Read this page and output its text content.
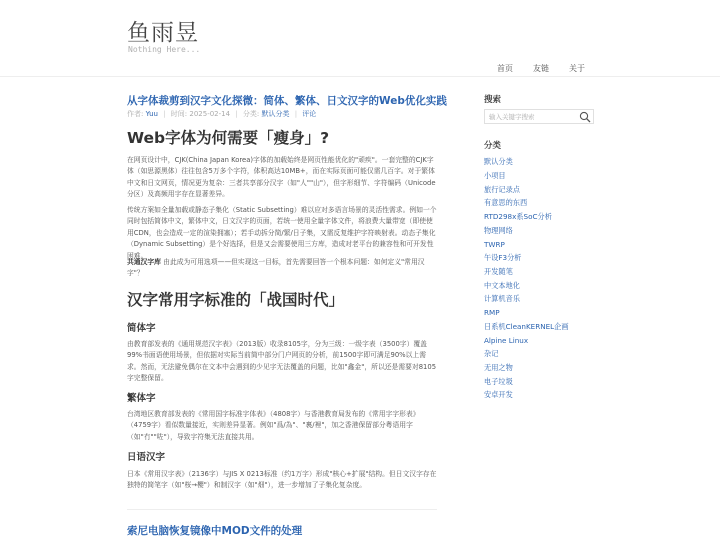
鱼雨昱
Nothing Here...
首页	友链	关于
从字体裁剪到汉字文化探微：简体、繁体、日文汉字的Web优化实践
作者: Yuu | 时间: 2025-02-14 | 分类: 默认分类 | 评论
Web字体为何需要「瘦身」?
在网页设计中，CJK(China Japan Korea)字体的加载始终是网页性能优化的"顽疾"。一套完整的CJK字体（如思源黑体）往往包含5万多个字符，体积高达10MB+，而在实际页面可能仅需几百字。对于繁体中文和日文网页，情况更为复杂：三者共享部分汉字（如"人""山"），但字形细节、字符编码（Unicode分区）及高频用字存在显著差异。
传统方案如全量加载或静态子集化（Static Subsetting）难以应对多语言场景的灵活性需求。例如一个同时包括简体中文，繁体中文，日文汉字的页面，若统一使用全量字体文件，将浪费大量带宽（即使使用CDN，也会造成一定的渲染拥塞）；若手动拆分简/繁/日子集，又需反复维护字符映射表。动态子集化（Dynamic Subsetting）是个好选择，但是又会需要使用三方库，造成对老平台的兼容性和可开发性困难。
共通汉字库 由此成为可用选项——但实现这一目标，首先需要回答一个根本问题：如何定义"常用汉字"？
汉字常用字标准的「战国时代」
简体字
由教育部发表的《通用规范汉字表》（2013版）收录8105字，分为三级：一级字表（3500字）覆盖99%书面语使用场景，但依据对实际当前简中部分门户网页的分析，前1500字即可满足90%以上需求。然而，无法避免偶尔在文本中会遇到的少见字无法覆盖的问题，比如"鑫金"，所以还是需要对8105字完整保留。
繁体字
台湾地区教育部发表的《常用国字标准字体表》（4808字）与香港教育局发布的《常用字字形表》（4759字）看似数量接近，实则差异显著。例如"爲/為"、"裏/裡"，加之香港保留部分粤语用字（如"冇""咗"），导致字符集无法直接共用。
日语汉字
日本《常用汉字表》（2136字）与JIS X 0213标准（约1万字）形成"核心+扩展"结构。但日文汉字存在独特的简笔字（如"桜→櫻"）和制汉字（如"畑"），进一步增加了子集化复杂度。
索尼电脑恢复镜像中MOD文件的处理
搜索
输入关键字搜索
分类
默认分类
小项目
旅行记录点
有意思的东西
RTD298x系SoC分析
物理网络
TWRP
午设F3分析
开发随笔
中文本地化
计算机音乐
RMP
日系机CleanKERNEL企画
Alpine Linux
杂记
无用之物
电子垃圾
安卓开发
